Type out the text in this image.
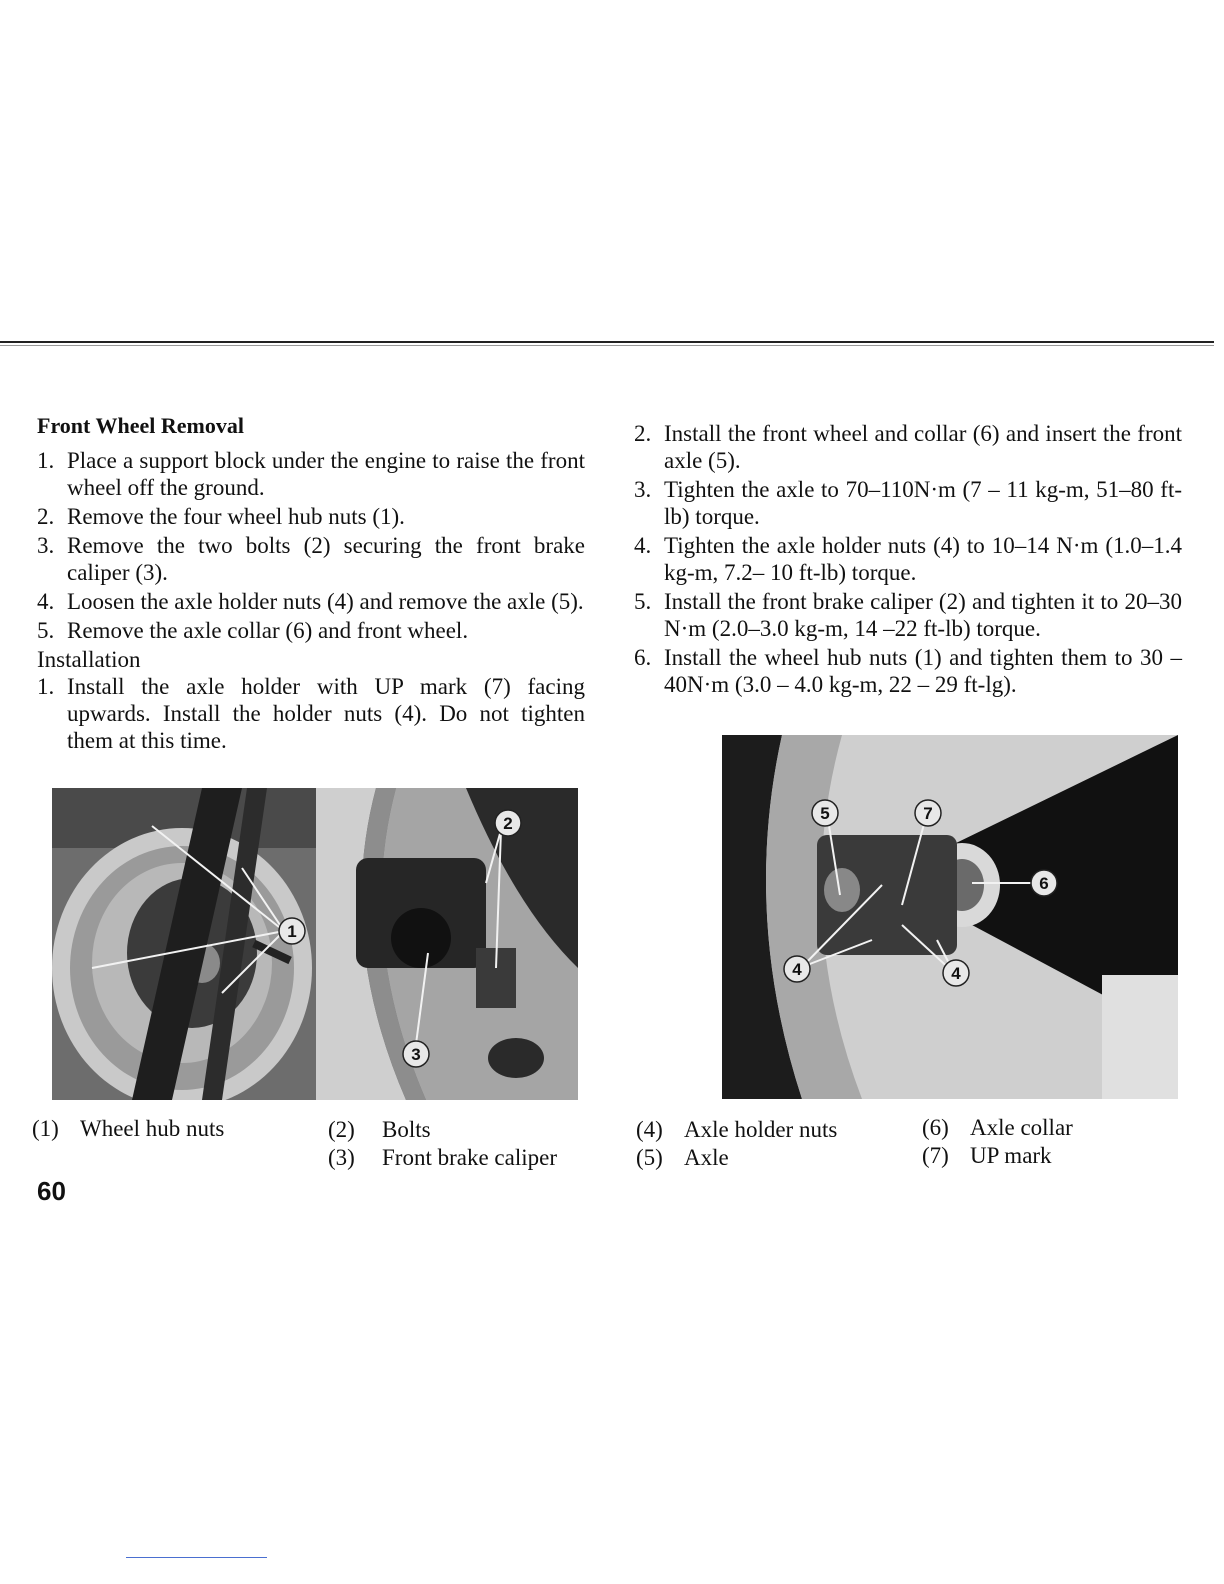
Front Wheel Removal
1. Place a support block under the engine to raise the front wheel off the ground.
2. Remove the four wheel hub nuts (1).
3. Remove the two bolts (2) securing the front brake caliper (3).
4. Loosen the axle holder nuts (4) and remove the axle (5).
5. Remove the axle collar (6) and front wheel.
Installation
1. Install the axle holder with UP mark (7) facing upwards. Install the holder nuts (4). Do not tighten them at this time.
2. Install the front wheel and collar (6) and insert the front axle (5).
3. Tighten the axle to 70–110N·m (7 – 11 kg-m, 51–80 ft-lb) torque.
4. Tighten the axle holder nuts (4) to 10–14 N·m (1.0–1.4 kg-m, 7.2– 10 ft-lb) torque.
5. Install the front brake caliper (2) and tighten it to 20–30 N·m (2.0–3.0 kg-m, 14 –22 ft-lb) torque.
6. Install the wheel hub nuts (1) and tighten them to 30 – 40N·m (3.0 – 4.0 kg-m, 22 – 29 ft-lg).
1
2
3
5	7
6
4	4
(1) Wheel hub nuts	(2)	Bolts
(3)	Front brake caliper
(4) Axle holder nuts
(5) Axle
(6) Axle collar
(7) UP mark
60
